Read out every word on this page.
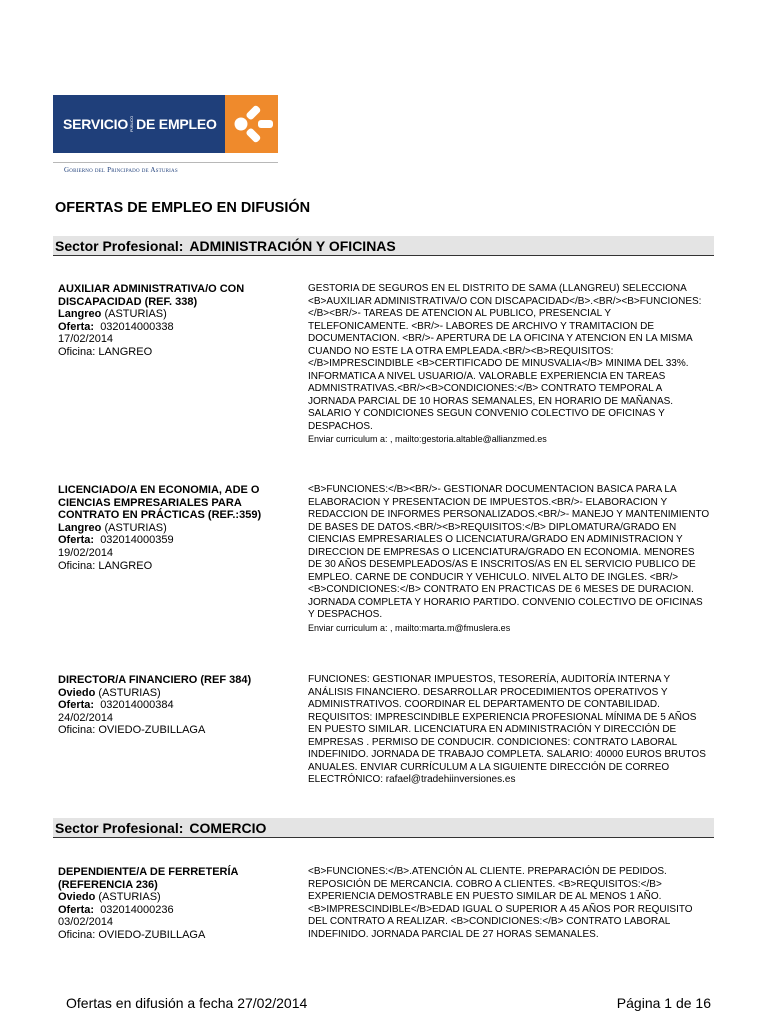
SERVICIO PÚBLICO DE EMPLEO
Gobierno del Principado de Asturias
OFERTAS DE EMPLEO EN DIFUSIÓN
Sector Profesional: ADMINISTRACIÓN Y OFICINAS
AUXILIAR ADMINISTRATIVA/O CON DISCAPACIDAD (REF. 338)
Langreo (ASTURIAS)
Oferta: 032014000338
17/02/2014
Oficina: LANGREO
GESTORIA DE SEGUROS EN EL DISTRITO DE SAMA (LLANGREU) SELECCIONA <B>AUXILIAR ADMINISTRATIVA/O CON DISCAPACIDAD</B>.<BR/><B>FUNCIONES:</B><BR/>- TAREAS DE ATENCION AL PUBLICO, PRESENCIAL Y TELEFONICAMENTE. <BR/>- LABORES DE ARCHIVO Y TRAMITACION DE DOCUMENTACION. <BR/>- APERTURA DE LA OFICINA Y ATENCION EN LA MISMA CUANDO NO ESTE LA OTRA EMPLEADA.<BR/><B>REQUISITOS:</B>IMPRESCINDIBLE <B>CERTIFICADO DE MINUSVALIA</B> MINIMA DEL 33%. INFORMATICA A NIVEL USUARIO/A. VALORABLE EXPERIENCIA EN TAREAS ADMNISTRATIVAS.<BR/><B>CONDICIONES:</B> CONTRATO TEMPORAL A JORNADA PARCIAL DE 10 HORAS SEMANALES, EN HORARIO DE MAÑANAS. SALARIO Y CONDICIONES SEGUN CONVENIO COLECTIVO DE OFICINAS Y DESPACHOS.
Enviar curriculum a: , mailto:gestoria.altable@allianzmed.es
LICENCIADO/A EN ECONOMIA, ADE O CIENCIAS EMPRESARIALES PARA CONTRATO EN PRÁCTICAS (REF.:359)
Langreo (ASTURIAS)
Oferta: 032014000359
19/02/2014
Oficina: LANGREO
<B>FUNCIONES:</B><BR/>- GESTIONAR DOCUMENTACION BASICA PARA LA ELABORACION Y PRESENTACION DE IMPUESTOS.<BR/>- ELABORACION Y REDACCION DE INFORMES PERSONALIZADOS.<BR/>- MANEJO Y MANTENIMIENTO DE BASES DE DATOS.<BR/><B>REQUISITOS:</B> DIPLOMATURA/GRADO EN CIENCIAS EMPRESARIALES O LICENCIATURA/GRADO EN ADMINISTRACION Y DIRECCION DE EMPRESAS O LICENCIATURA/GRADO EN ECONOMIA. MENORES DE 30 AÑOS DESEMPLEADOS/AS E INSCRITOS/AS EN EL SERVICIO PUBLICO DE EMPLEO. CARNE DE CONDUCIR Y VEHICULO. NIVEL ALTO DE INGLES. <BR/><B>CONDICIONES:</B> CONTRATO EN PRACTICAS DE 6 MESES DE DURACION. JORNADA COMPLETA Y HORARIO PARTIDO. CONVENIO COLECTIVO DE OFICINAS Y DESPACHOS.
Enviar curriculum a: , mailto:marta.m@fmuslera.es
DIRECTOR/A FINANCIERO (REF 384)
Oviedo (ASTURIAS)
Oferta: 032014000384
24/02/2014
Oficina: OVIEDO-ZUBILLAGA
FUNCIONES: GESTIONAR IMPUESTOS, TESORERÍA, AUDITORÍA INTERNA Y ANÁLISIS FINANCIERO. DESARROLLAR PROCEDIMIENTOS OPERATIVOS Y ADMINISTRATIVOS. COORDINAR EL DEPARTAMENTO DE CONTABILIDAD. REQUISITOS: IMPRESCINDIBLE EXPERIENCIA PROFESIONAL MÍNIMA DE 5 AÑOS EN PUESTO SIMILAR. LICENCIATURA EN ADMINISTRACIÓN Y DIRECCIÓN DE EMPRESAS . PERMISO DE CONDUCIR. CONDICIONES: CONTRATO LABORAL INDEFINIDO. JORNADA DE TRABAJO COMPLETA. SALARIO: 40000 EUROS BRUTOS ANUALES. ENVIAR CURRÍCULUM A LA SIGUIENTE DIRECCIÓN DE CORREO ELECTRÓNICO: rafael@tradehiinversiones.es
Sector Profesional: COMERCIO
DEPENDIENTE/A DE FERRETERÍA (REFERENCIA 236)
Oviedo (ASTURIAS)
Oferta: 032014000236
03/02/2014
Oficina: OVIEDO-ZUBILLAGA
<B>FUNCIONES:</B>.ATENCIÓN AL CLIENTE. PREPARACIÓN DE PEDIDOS. REPOSICIÓN DE MERCANCIA. COBRO A CLIENTES. <B>REQUISITOS:</B> EXPERIENCIA DEMOSTRABLE EN PUESTO SIMILAR DE AL MENOS 1 AÑO. <B>IMPRESCINDIBLE</B>EDAD IGUAL O SUPERIOR A 45 AÑOS POR REQUISITO DEL CONTRATO A REALIZAR. <B>CONDICIONES:</B> CONTRATO LABORAL INDEFINIDO. JORNADA PARCIAL DE 27 HORAS SEMANALES.
Ofertas en difusión a fecha 27/02/2014	Página 1 de 16
